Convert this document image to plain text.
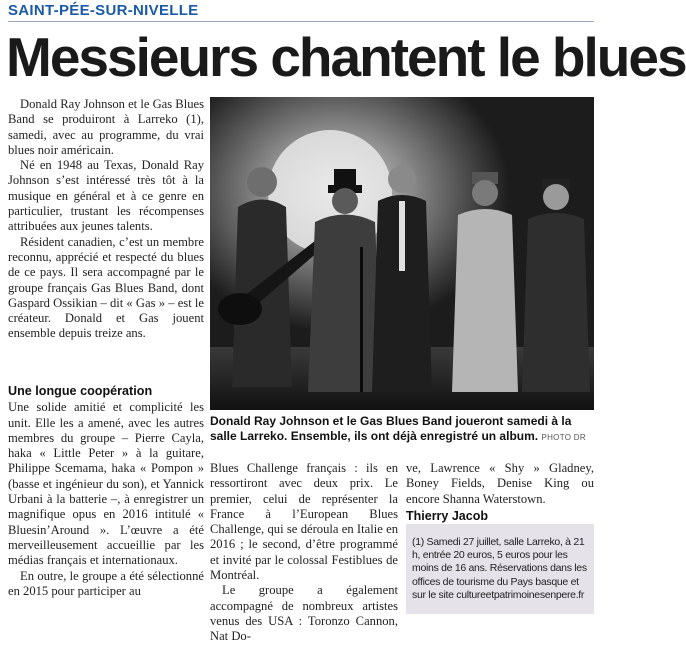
SAINT-PÉE-SUR-NIVELLE
Messieurs chantent le blues

Donald Ray Johnson et le Gas Blues Band se produiront à Larreko (1), samedi, avec au programme, du vrai blues noir américain.

Né en 1948 au Texas, Donald Ray Johnson s’est intéressé très tôt à la musique en général et à ce genre en particulier, trustant les récompenses attribuées aux jeunes talents.

Résident canadien, c’est un membre reconnu, apprécié et respecté du blues de ce pays. Il sera accompagné par le groupe français Gas Blues Band, dont Gaspard Ossikian – dit « Gas » – est le créateur. Donald et Gas jouent ensemble depuis treize ans.

Une longue coopération

Une solide amitié et complicité les unit. Elle les a amené, avec les autres membres du groupe – Pierre Cayla, haka « Little Peter » à la guitare, Philippe Scemama, haka « Pompon » (basse et ingénieur du son), et Yannick Urbani à la batterie –, à enregistrer un magnifique opus en 2016 intitulé « Bluesin’Around ». L’œuvre a été merveilleusement accueillie par les médias français et internationaux.

En outre, le groupe a été sélectionné en 2015 pour participer au

Donald Ray Johnson et le Gas Blues Band joueront samedi à la salle Larreko. Ensemble, ils ont déjà enregistré un album. PHOTO DR

Blues Challenge français : ils en ressortiront avec deux prix. Le premier, celui de représenter la France à l’European Blues Challenge, qui se déroula en Italie en 2016 ; le second, d’être programmé et invité par le colossal Festiblues de Montréal.

Le groupe a également accompagné de nombreux artistes venus des USA : Toronzo Cannon, Nat Do-

ve, Lawrence « Shy » Gladney, Boney Fields, Denise King ou encore Shanna Waterstown.

Thierry Jacob
(1) Samedi 27 juillet, salle Larreko, à 21 h, entrée 20 euros, 5 euros pour les moins de 16 ans. Réservations dans les offices de tourisme du Pays basque et sur le site cultureetpatrimoinesenpere.fr
